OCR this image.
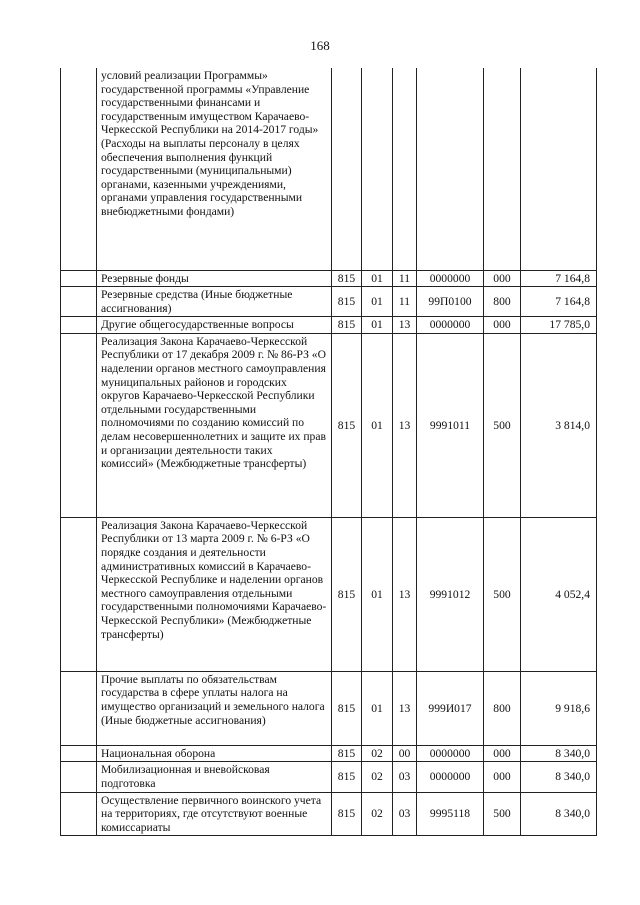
168
	условий реализации Программы» государственной программы «Управление государственными финансами и государственным имуществом Карачаево-Черкесской Республики на 2014-2017 годы» (Расходы на выплаты персоналу в целях обеспечения выполнения функций государственными (муниципальными) органами, казенными учреждениями, органами управления государственными внебюджетными фондами)						
	Резервные фонды	815	01	11	0000000	000	7 164,8
	Резервные средства (Иные бюджетные ассигнования)	815	01	11	99П0100	800	7 164,8
	Другие общегосударственные вопросы	815	01	13	0000000	000	17 785,0
	Реализация Закона Карачаево-Черкесской Республики от 17 декабря 2009 г. № 86-РЗ «О наделении органов местного самоуправления муниципальных районов и городских округов Карачаево-Черкесской Республики отдельными государственными полномочиями по созданию комиссий по делам несовершеннолетних и защите их прав и организации деятельности таких комиссий» (Межбюджетные трансферты)	815	01	13	9991011	500	3 814,0
	Реализация Закона Карачаево-Черкесской Республики от 13 марта 2009 г. № 6-РЗ «О порядке создания и деятельности административных комиссий в Карачаево-Черкесской Республике и наделении органов местного самоуправления отдельными государственными полномочиями Карачаево-Черкесской Республики» (Межбюджетные трансферты)	815	01	13	9991012	500	4 052,4
	Прочие выплаты по обязательствам государства в сфере уплаты налога на имущество организаций и земельного налога (Иные бюджетные ассигнования)	815	01	13	999И017	800	9 918,6
	Национальная оборона	815	02	00	0000000	000	8 340,0
	Мобилизационная и вневойсковая подготовка	815	02	03	0000000	000	8 340,0
	Осуществление первичного воинского учета на территориях, где отсутствуют военные комиссариаты	815	02	03	9995118	500	8 340,0
